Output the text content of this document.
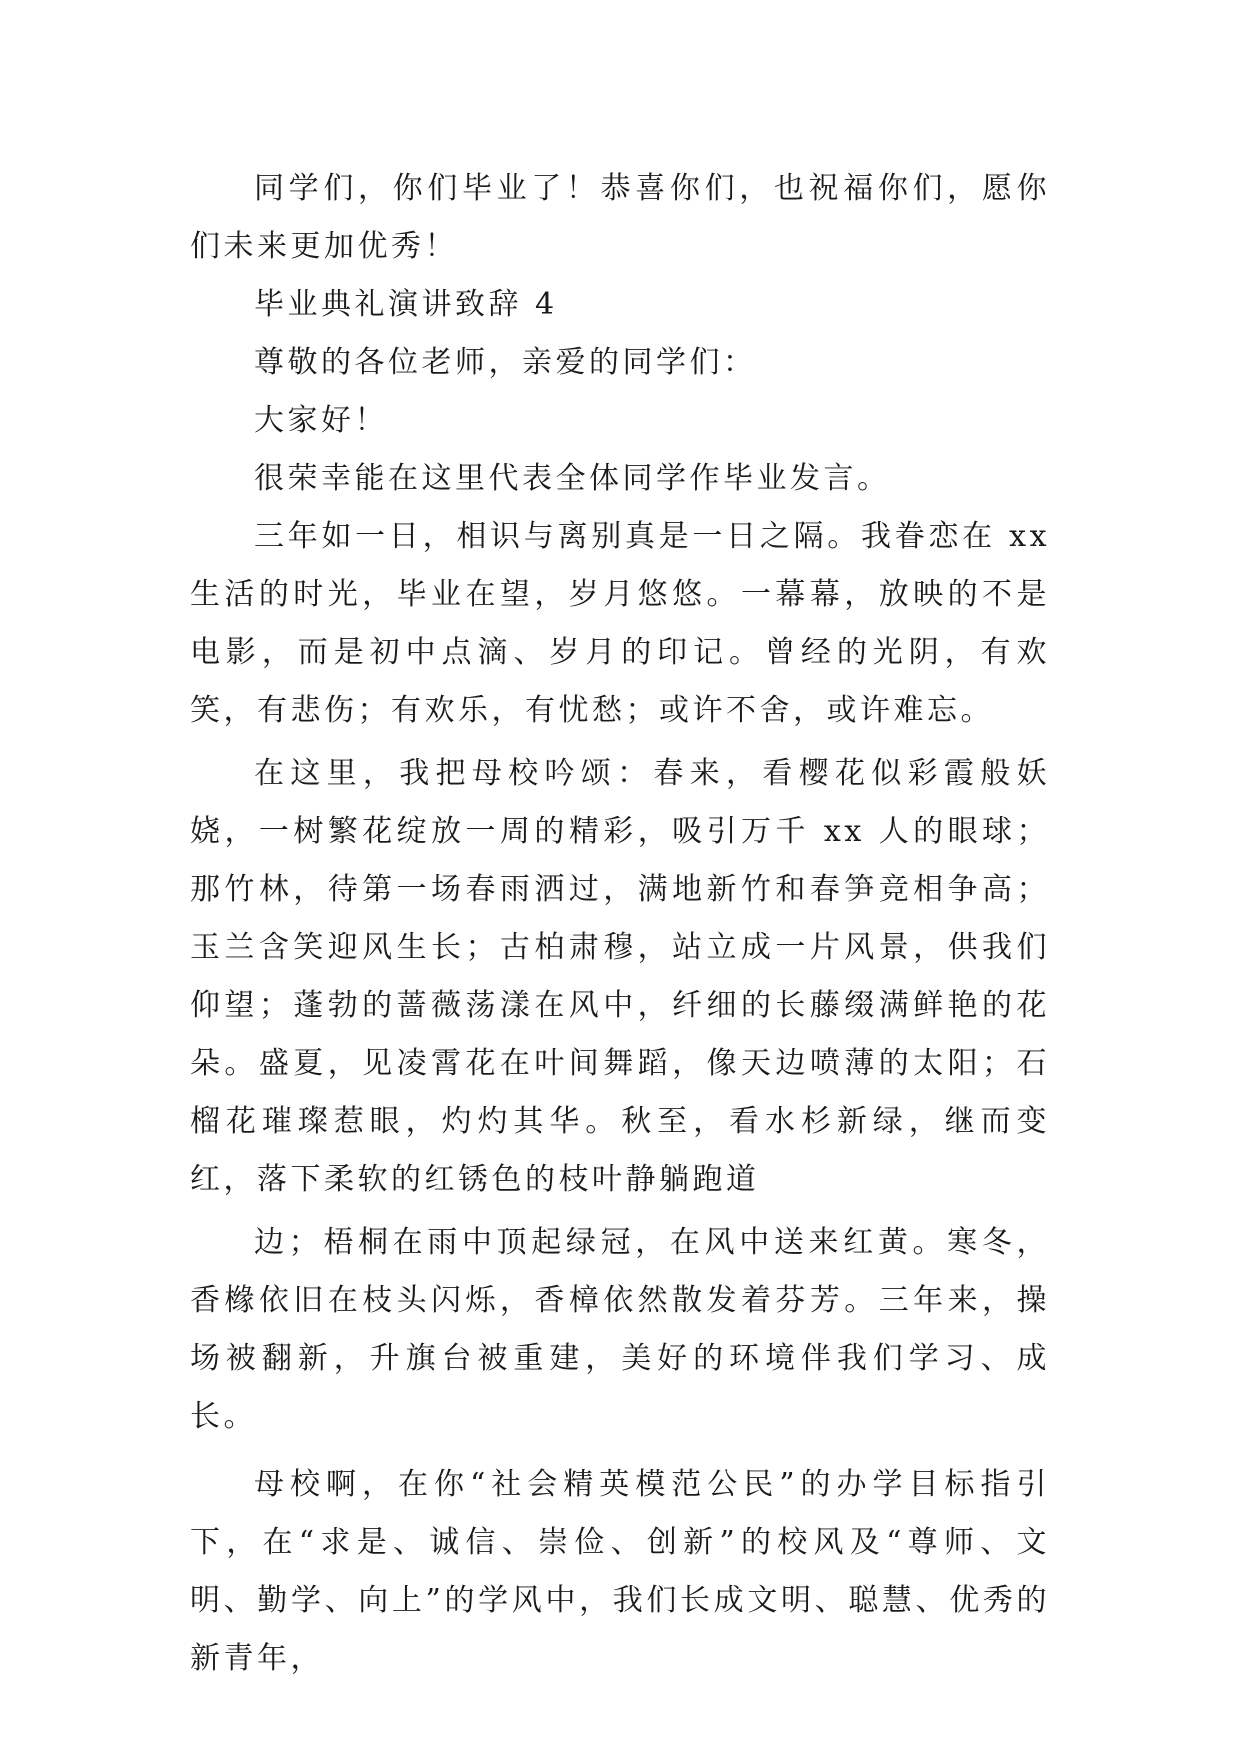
同学们，你们毕业了！恭喜你们，也祝福你们，愿你们未来更加优秀！

毕业典礼演讲致辞 4

尊敬的各位老师，亲爱的同学们：

大家好！

很荣幸能在这里代表全体同学作毕业发言。

三年如一日，相识与离别真是一日之隔。我眷恋在 xx 生活的时光，毕业在望，岁月悠悠。一幕幕，放映的不是电影，而是初中点滴、岁月的印记。曾经的光阴，有欢笑，有悲伤；有欢乐，有忧愁；或许不舍，或许难忘。

在这里，我把母校吟颂：春来，看樱花似彩霞般妖娆，一树繁花绽放一周的精彩，吸引万千 xx 人的眼球；那竹林，待第一场春雨洒过，满地新竹和春笋竞相争高；玉兰含笑迎风生长；古柏肃穆，站立成一片风景，供我们仰望；蓬勃的蔷薇荡漾在风中，纤细的长藤缀满鲜艳的花朵。盛夏，见凌霄花在叶间舞蹈，像天边喷薄的太阳；石榴花璀璨惹眼，灼灼其华。秋至，看水杉新绿，继而变红，落下柔软的红锈色的枝叶静躺跑道

边；梧桐在雨中顶起绿冠，在风中送来红黄。寒冬，香橼依旧在枝头闪烁，香樟依然散发着芬芳。三年来，操场被翻新，升旗台被重建，美好的环境伴我们学习、成长。

母校啊，在你“社会精英模范公民”的办学目标指引下，在“求是、诚信、崇俭、创新”的校风及“尊师、文明、勤学、向上”的学风中，我们长成文明、聪慧、优秀的新青年，
